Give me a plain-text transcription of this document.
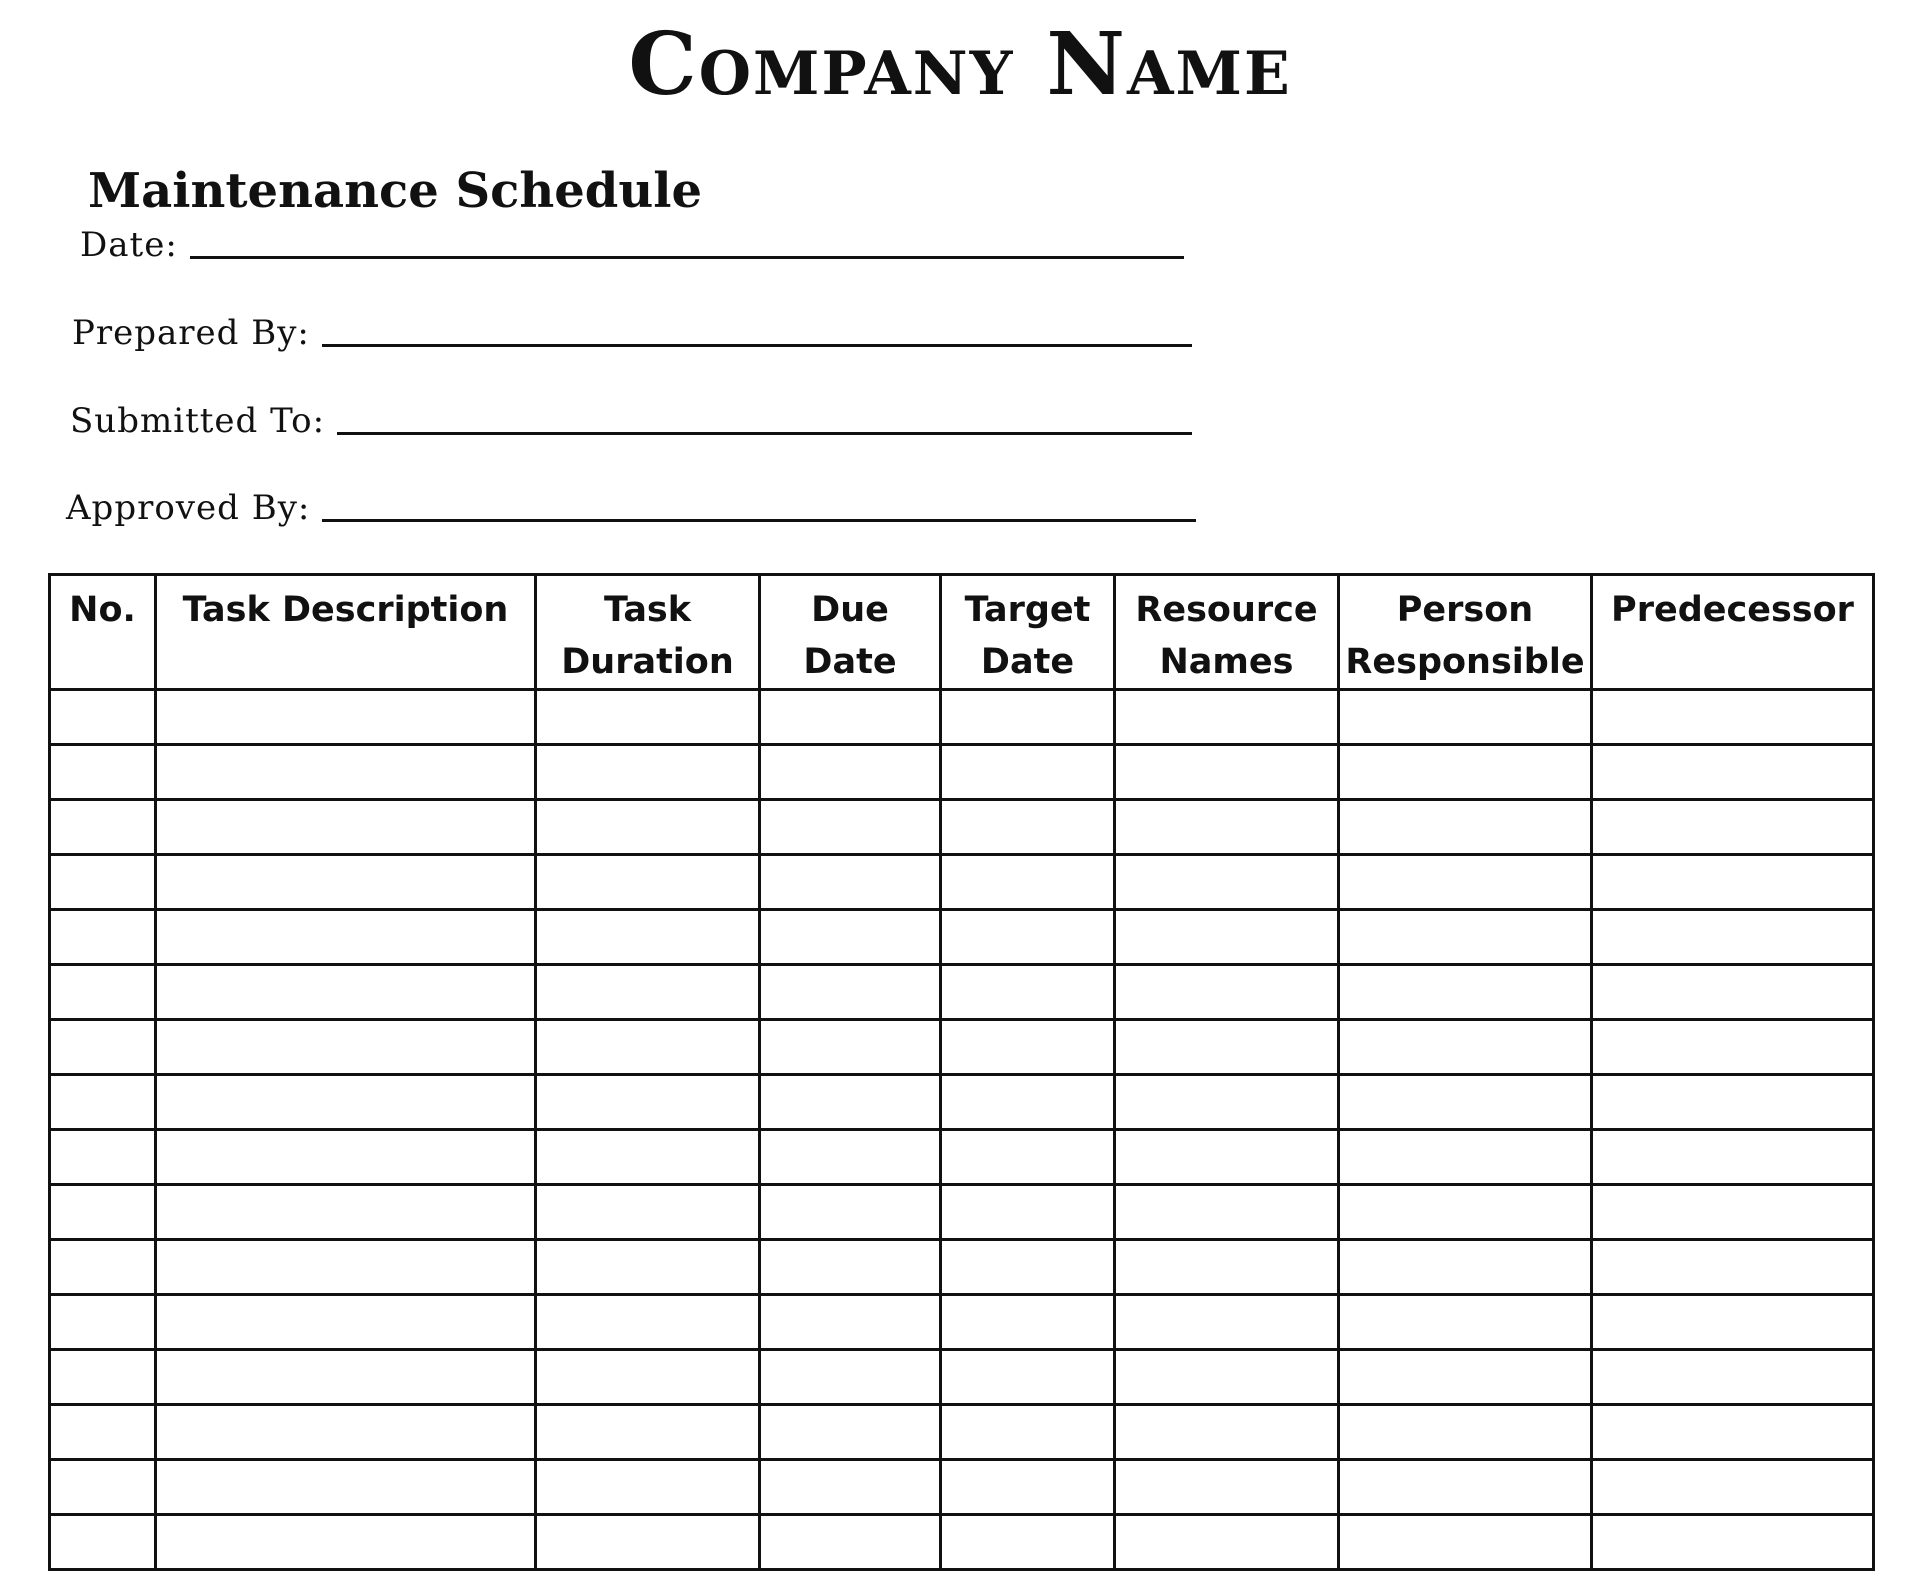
Company Name
Maintenance Schedule
Date:
Prepared By:
Submitted To:
Approved By:
No.	Task Description	Task Duration	Due Date	Target Date	Resource Names	Person Responsible	Predecessor
